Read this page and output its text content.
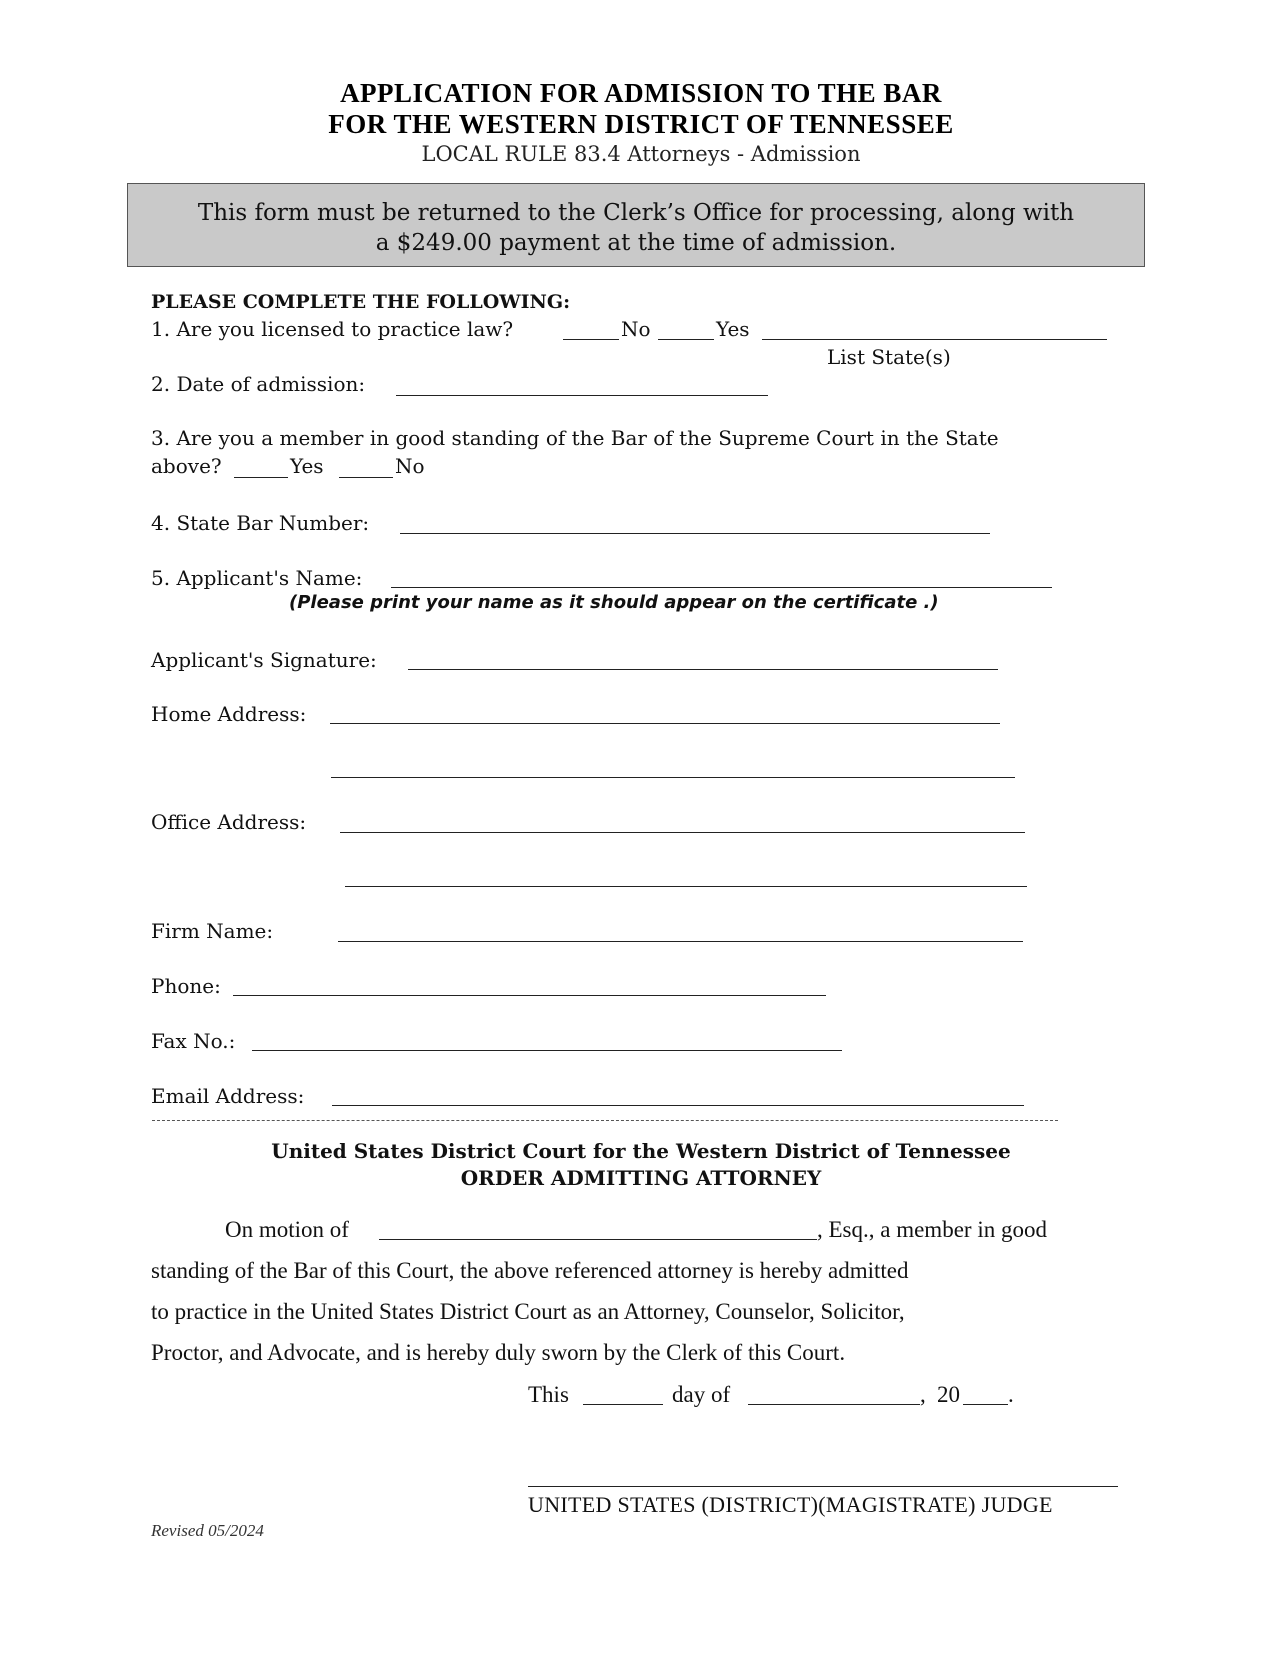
APPLICATION FOR ADMISSION TO THE BAR
FOR THE WESTERN DISTRICT OF TENNESSEE
LOCAL RULE 83.4 Attorneys - Admission
This form must be returned to the Clerk’s Office for processing, along with
a $249.00 payment at the time of admission.
PLEASE COMPLETE THE FOLLOWING:
1. Are you licensed to practice law?	No	Yes
List State(s)
2. Date of admission:
3. Are you a member in good standing of the Bar of the Supreme Court in the State
above?	Yes	No
4. State Bar Number:
5. Applicant's Name:
(Please print your name as it should appear on the certificate .)
Applicant's Signature:
Home Address:
Office Address:
Firm Name:
Phone:
Fax No.:
Email Address:
United States District Court for the Western District of Tennessee
ORDER ADMITTING ATTORNEY
On motion of	, Esq., a member in good
standing of the Bar of this Court, the above referenced attorney is hereby admitted
to practice in the United States District Court as an Attorney, Counselor, Solicitor,
Proctor, and Advocate, and is hereby duly sworn by the Clerk of this Court.
This	day of	, 20 .
UNITED STATES (DISTRICT)(MAGISTRATE) JUDGE
Revised 05/2024
